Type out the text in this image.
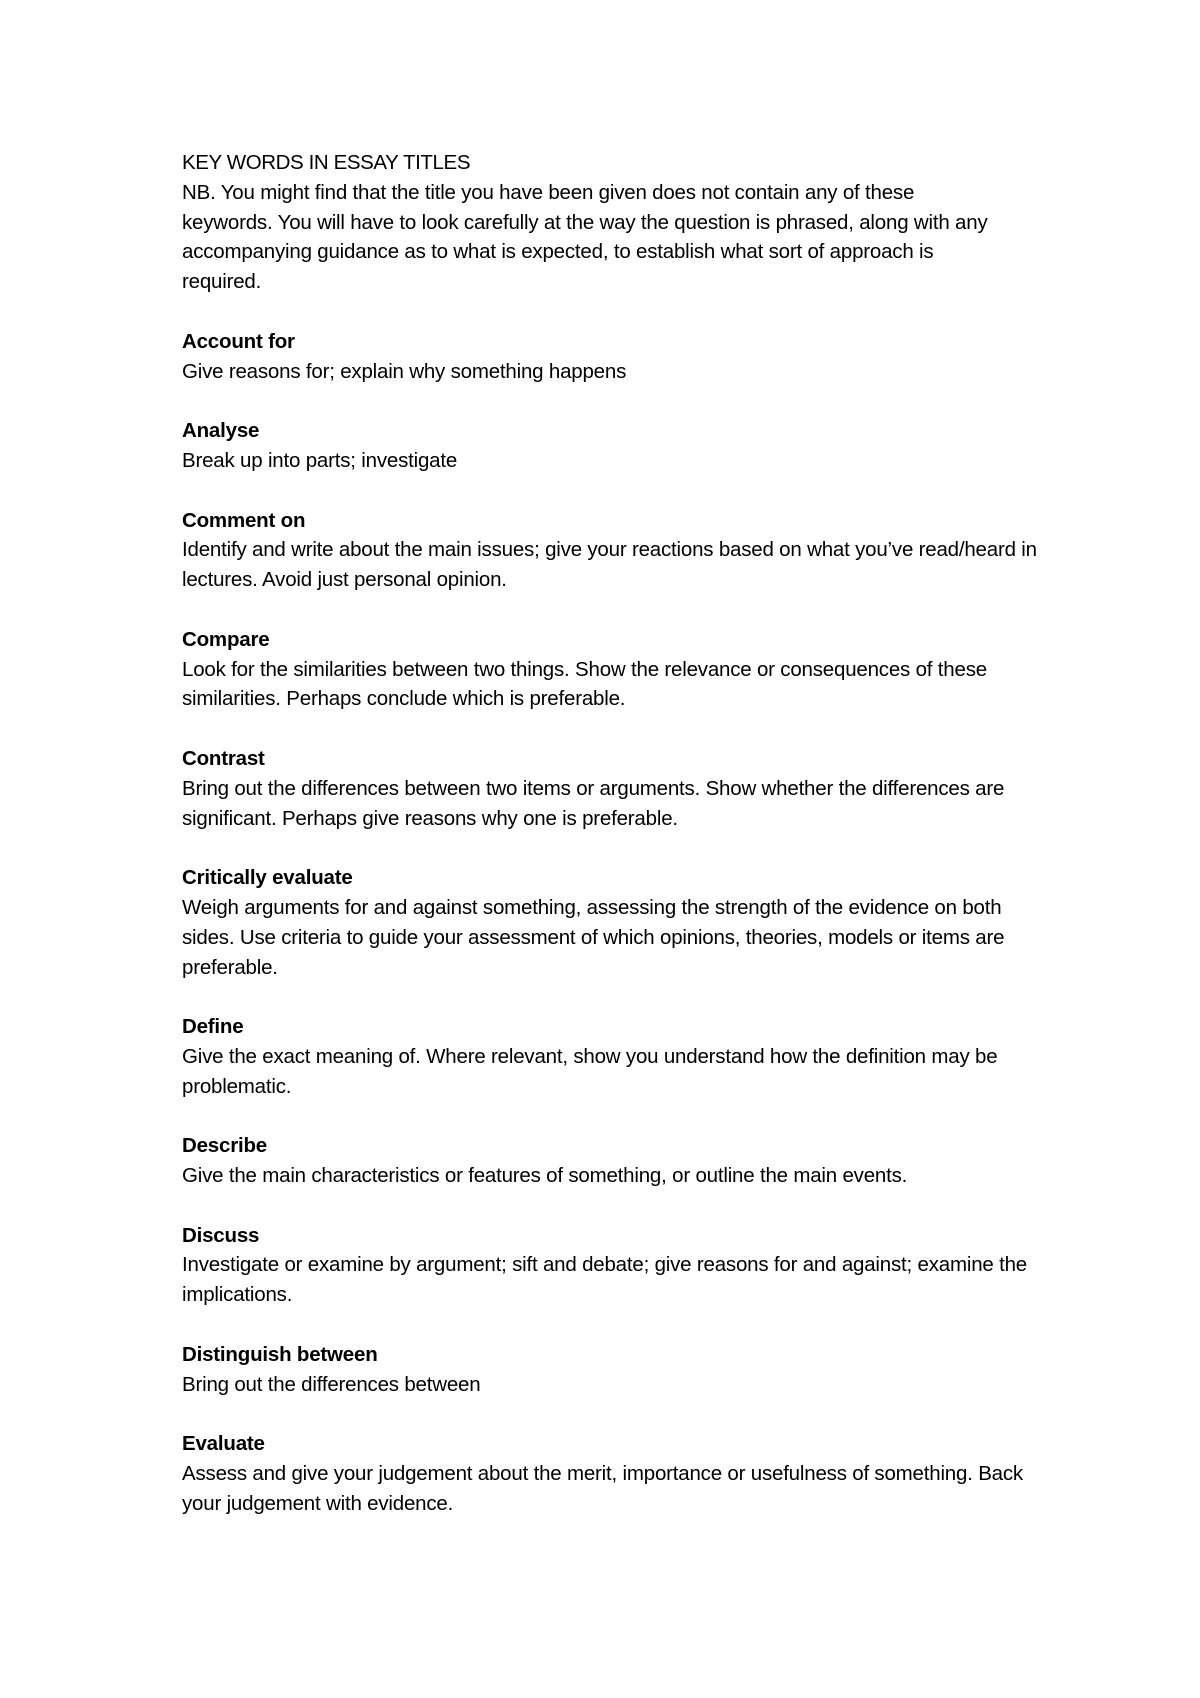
KEY WORDS IN ESSAY TITLES

NB. You might find that the title you have been given does not contain any of these keywords. You will have to look carefully at the way the question is phrased, along with any accompanying guidance as to what is expected, to establish what sort of approach is required.

Account for

Give reasons for; explain why something happens

Analyse

Break up into parts; investigate

Comment on

Identify and write about the main issues; give your reactions based on what you’ve read/heard in lectures. Avoid just personal opinion.

Compare

Look for the similarities between two things. Show the relevance or consequences of these similarities. Perhaps conclude which is preferable.

Contrast

Bring out the differences between two items or arguments. Show whether the differences are significant. Perhaps give reasons why one is preferable.

Critically evaluate

Weigh arguments for and against something, assessing the strength of the evidence on both sides. Use criteria to guide your assessment of which opinions, theories, models or items are preferable.

Define

Give the exact meaning of. Where relevant, show you understand how the definition may be problematic.

Describe

Give the main characteristics or features of something, or outline the main events.

Discuss

Investigate or examine by argument; sift and debate; give reasons for and against; examine the implications.

Distinguish between

Bring out the differences between

Evaluate

Assess and give your judgement about the merit, importance or usefulness of something. Back your judgement with evidence.
